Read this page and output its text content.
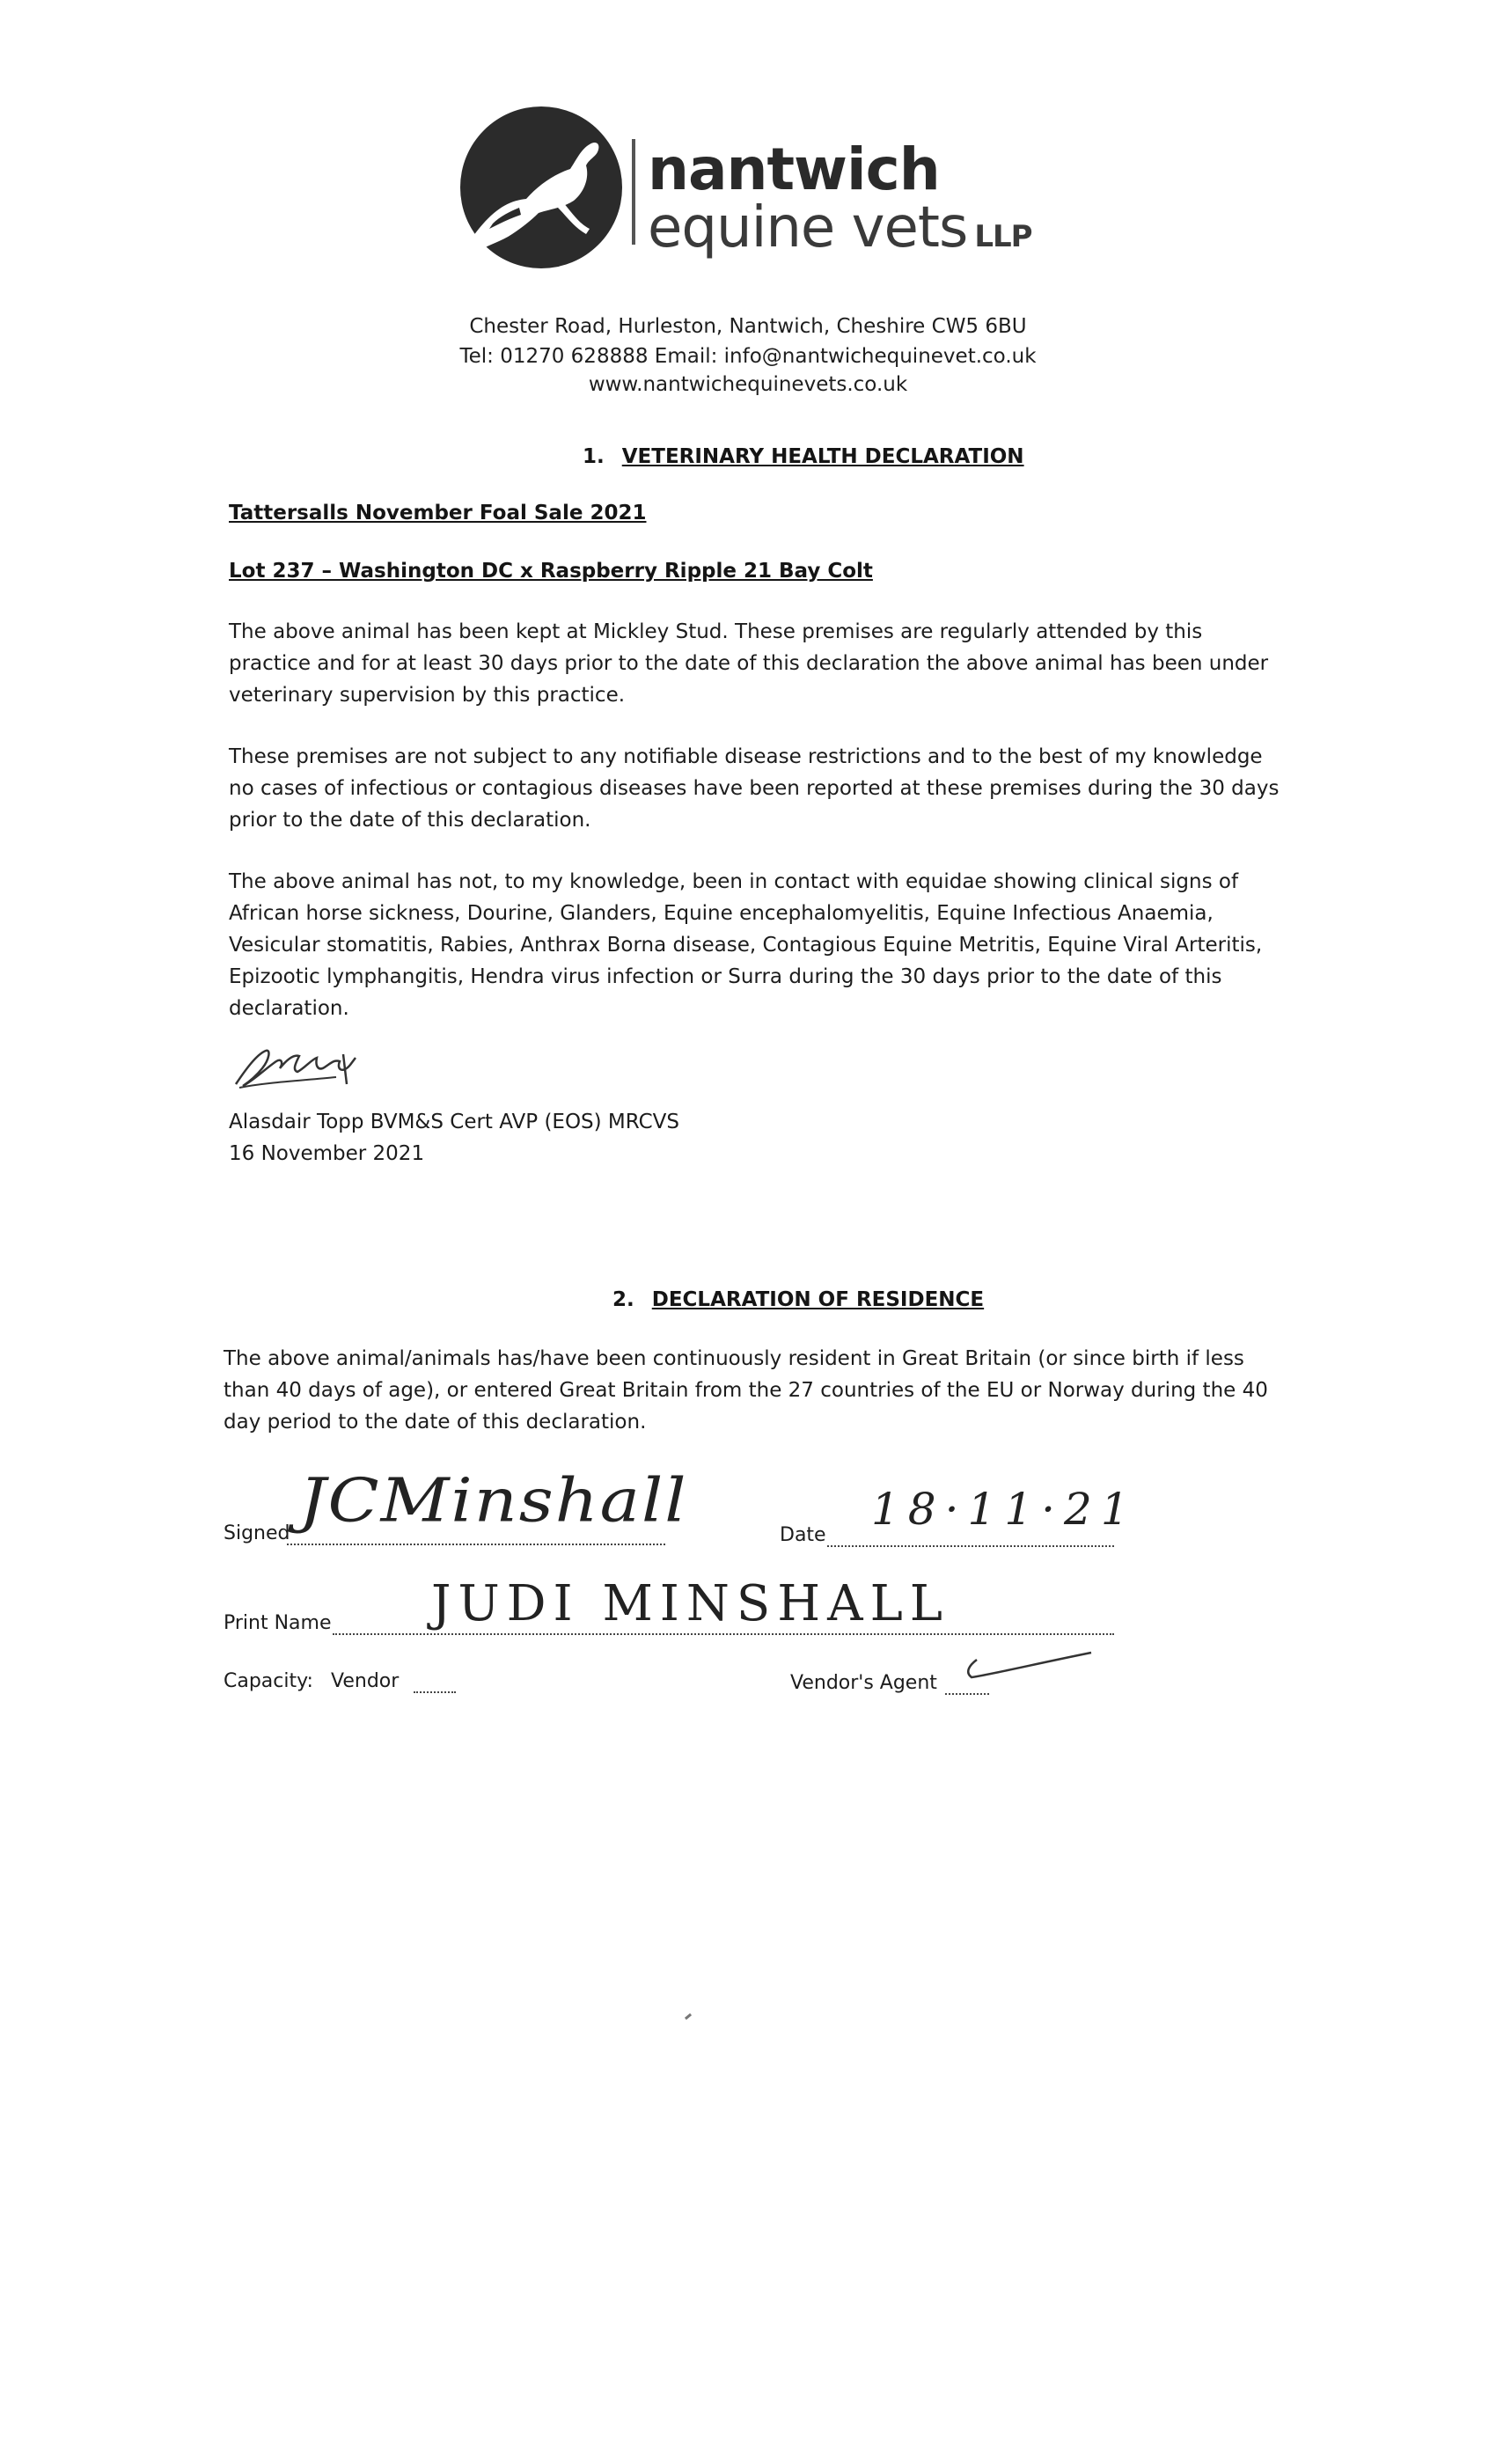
nantwich
equine vets LLP
Chester Road, Hurleston, Nantwich, Cheshire CW5 6BU
Tel: 01270 628888 Email: info@nantwichequinevet.co.uk
www.nantwichequinevets.co.uk
1. VETERINARY HEALTH DECLARATION
Tattersalls November Foal Sale 2021
Lot 237 – Washington DC x Raspberry Ripple 21 Bay Colt
The above animal has been kept at Mickley Stud. These premises are regularly attended by this practice and for at least 30 days prior to the date of this declaration the above animal has been under veterinary supervision by this practice.
These premises are not subject to any notifiable disease restrictions and to the best of my knowledge no cases of infectious or contagious diseases have been reported at these premises during the 30 days prior to the date of this declaration.
The above animal has not, to my knowledge, been in contact with equidae showing clinical signs of African horse sickness, Dourine, Glanders, Equine encephalomyelitis, Equine Infectious Anaemia, Vesicular stomatitis, Rabies, Anthrax Borna disease, Contagious Equine Metritis, Equine Viral Arteritis, Epizootic lymphangitis, Hendra virus infection or Surra during the 30 days prior to the date of this declaration.
Alasdair Topp BVM&S Cert AVP (EOS) MRCVS
16 November 2021
2. DECLARATION OF RESIDENCE
The above animal/animals has/have been continuously resident in Great Britain (or since birth if less than 40 days of age), or entered Great Britain from the 27 countries of the EU or Norway during the 40 day period to the date of this declaration.
Signed JCMinshall	Date
18·11·21
Print Name JUDI MINSHALL
Capacity: Vendor	Vendor's Agent
